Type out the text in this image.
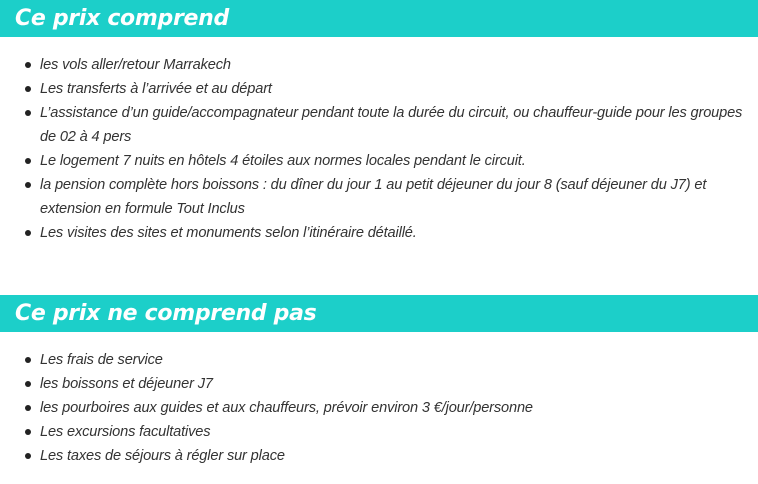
Ce prix comprend
les vols aller/retour Marrakech
Les transferts à l’arrivée et au départ
L’assistance d’un guide/accompagnateur pendant toute la durée du circuit, ou chauffeur-guide pour les groupes de 02 à 4 pers
Le logement 7 nuits en hôtels 4 étoiles aux normes locales pendant le circuit.
la pension complète hors boissons : du dîner du jour 1 au petit déjeuner du jour 8 (sauf déjeuner du J7) et extension en formule Tout Inclus
Les visites des sites et monuments selon l’itinéraire détaillé.
Ce prix ne comprend pas
Les frais de service
les boissons et déjeuner J7
les pourboires aux guides et aux chauffeurs, prévoir environ 3 €/jour/personne
Les excursions facultatives
Les taxes de séjours à régler sur place
